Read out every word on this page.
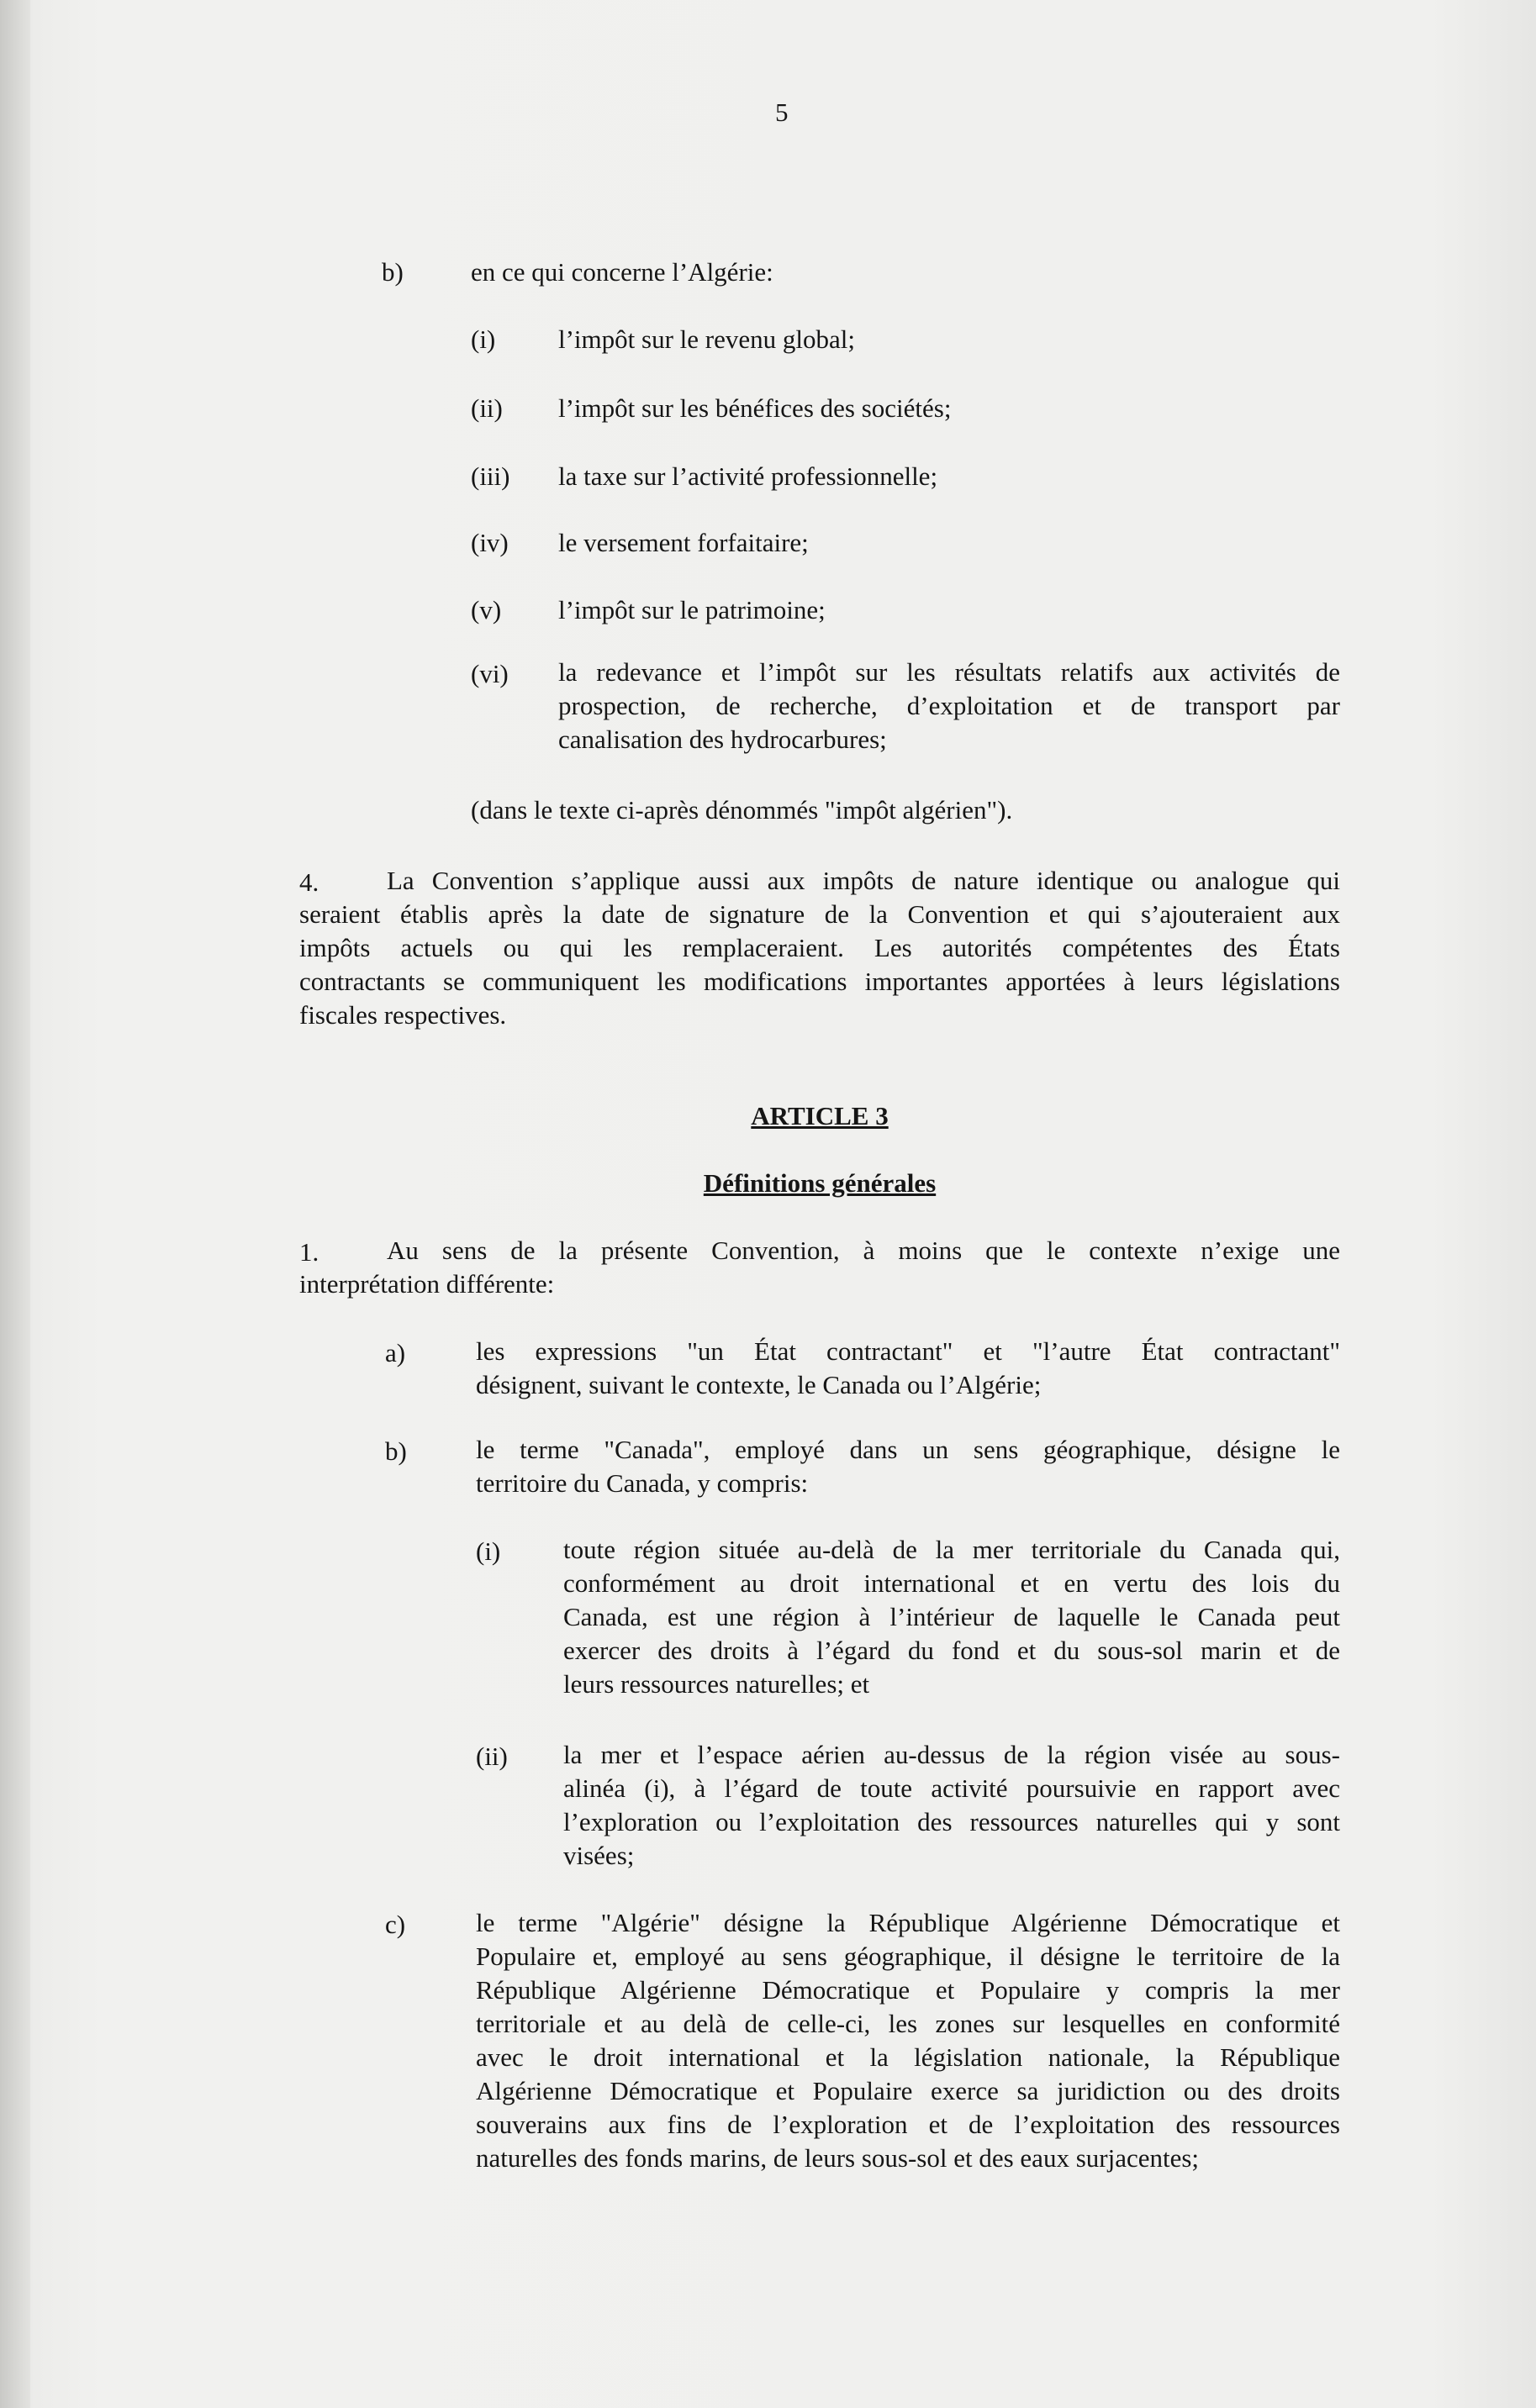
5
b)	en ce qui concerne l’Algérie:
(i) l’impôt sur le revenu global;
(ii) l’impôt sur les bénéfices des sociétés;
(iii) la taxe sur l’activité professionnelle;
(iv) le versement forfaitaire;
(v) l’impôt sur le patrimoine;
(vi) la redevance et l’impôt sur les résultats relatifs aux activités de
prospection, de recherche, d’exploitation et de transport par
canalisation des hydrocarbures;
(dans le texte ci-après dénommés "impôt algérien").
4.	La Convention s’applique aussi aux impôts de nature identique ou analogue qui
seraient établis après la date de signature de la Convention et qui s’ajouteraient aux
impôts actuels ou qui les remplaceraient. Les autorités compétentes des États
contractants se communiquent les modifications importantes apportées à leurs législations
fiscales respectives.
ARTICLE 3
Définitions générales
1.	Au sens de la présente Convention, à moins que le contexte n’exige une
interprétation différente:
a)	les expressions "un État contractant" et "l’autre État contractant"
désignent, suivant le contexte, le Canada ou l’Algérie;
b)	le terme "Canada", employé dans un sens géographique, désigne le
territoire du Canada, y compris:
(i) toute région située au-delà de la mer territoriale du Canada qui,
conformément au droit international et en vertu des lois du
Canada, est une région à l’intérieur de laquelle le Canada peut
exercer des droits à l’égard du fond et du sous-sol marin et de
leurs ressources naturelles; et
(ii) la mer et l’espace aérien au-dessus de la région visée au sous-
alinéa (i), à l’égard de toute activité poursuivie en rapport avec
l’exploration ou l’exploitation des ressources naturelles qui y sont
visées;
c)	le terme "Algérie" désigne la République Algérienne Démocratique et
Populaire et, employé au sens géographique, il désigne le territoire de la
République Algérienne Démocratique et Populaire y compris la mer
territoriale et au delà de celle-ci, les zones sur lesquelles en conformité
avec le droit international et la législation nationale, la République
Algérienne Démocratique et Populaire exerce sa juridiction ou des droits
souverains aux fins de l’exploration et de l’exploitation des ressources
naturelles des fonds marins, de leurs sous-sol et des eaux surjacentes;
